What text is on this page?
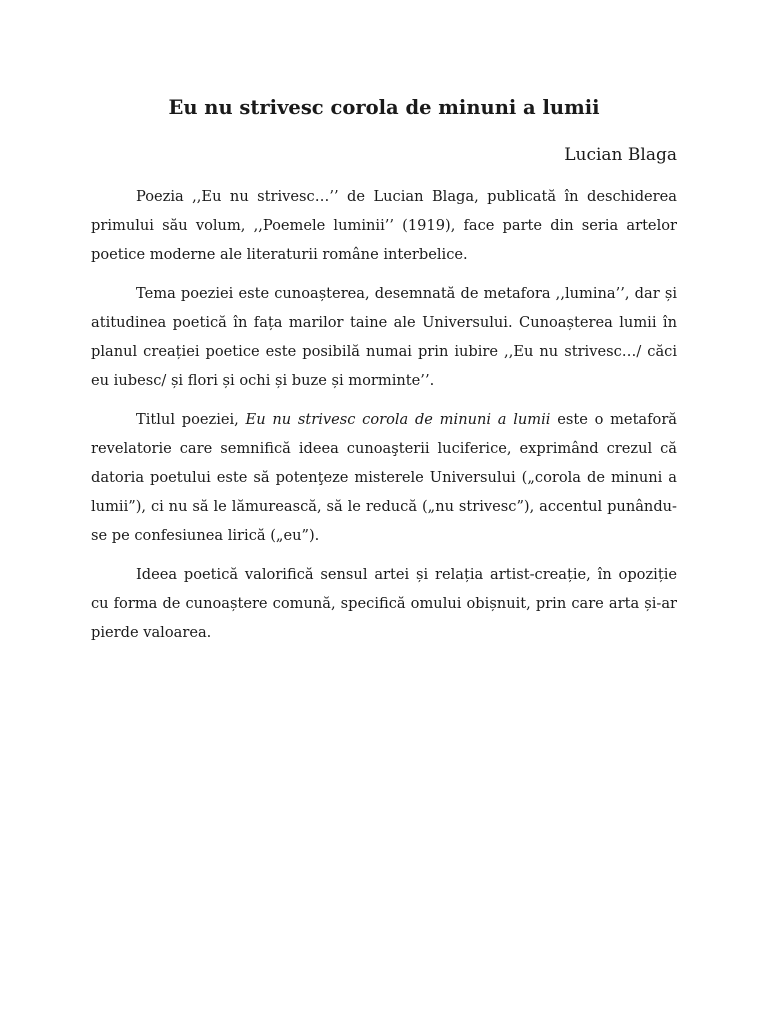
Eu nu strivesc corola de minuni a lumii

Lucian Blaga

Poezia ,,Eu nu strivesc…’’ de Lucian Blaga, publicată în deschiderea primului său volum, ,,Poemele luminii’’ (1919), face parte din seria artelor poetice moderne ale literaturii române interbelice.

Tema poeziei este cunoașterea, desemnată de metafora ,,lumina’’, dar și atitudinea poetică în fața marilor taine ale Universului. Cunoașterea lumii în planul creației poetice este posibilă numai prin iubire ,,Eu nu strivesc…/ căci eu iubesc/ și flori și ochi și buze și morminte’’.

Titlul poeziei, Eu nu strivesc corola de minuni a lumii este o metaforă revelatorie care semnifică ideea cunoaşterii luciferice, exprimând crezul că datoria poetului este să potenţeze misterele Universului („corola de minuni a lumii”), ci nu să le lămurească, să le reducă („nu strivesc”), accentul punându-se pe confesiunea lirică („eu”).

Ideea poetică valorifică sensul artei și relația artist-creație, în opoziție cu forma de cunoaștere comună, specifică omului obișnuit, prin care arta și-ar pierde valoarea.
